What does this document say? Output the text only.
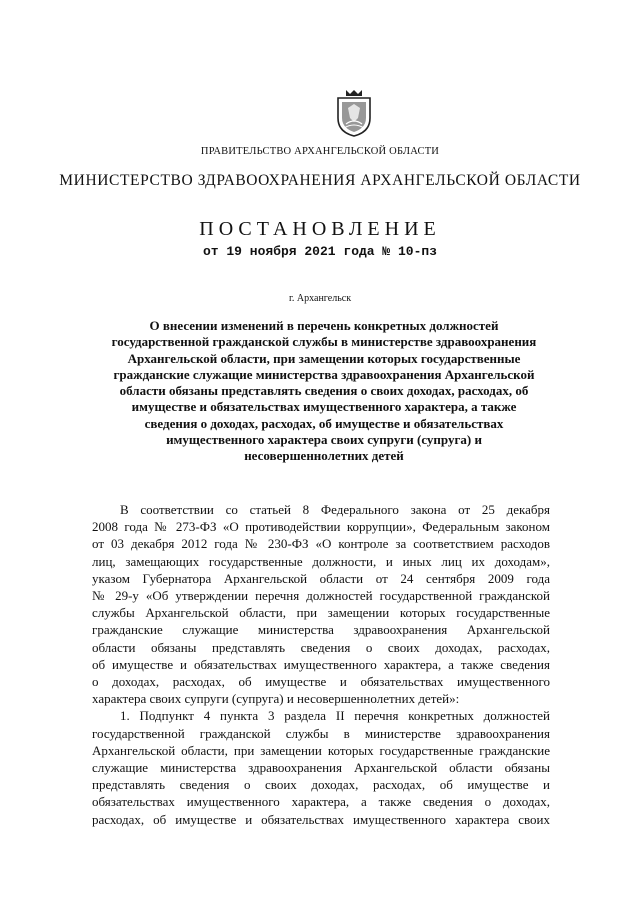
ПРАВИТЕЛЬСТВО АРХАНГЕЛЬСКОЙ ОБЛАСТИ
МИНИСТЕРСТВО ЗДРАВООХРАНЕНИЯ АРХАНГЕЛЬСКОЙ ОБЛАСТИ
ПОСТАНОВЛЕНИЕ
от 19 ноября 2021 года № 10-пз
г. Архангельск
О внесении изменений в перечень конкретных должностей
государственной гражданской службы в министерстве здравоохранения
Архангельской области, при замещении которых государственные
гражданские служащие министерства здравоохранения Архангельской
области обязаны представлять сведения о своих доходах, расходах, об
имуществе и обязательствах имущественного характера, а также
сведения о доходах, расходах, об имуществе и обязательствах
имущественного характера своих супруги (супруга) и
несовершеннолетних детей
В соответствии со статьей 8 Федерального закона от 25 декабря
2008 года № 273-ФЗ «О противодействии коррупции», Федеральным законом
от 03 декабря 2012 года № 230-ФЗ «О контроле за соответствием расходов
лиц, замещающих государственные должности, и иных лиц их доходам»,
указом Губернатора Архангельской области от 24 сентября 2009 года
№ 29-у «Об утверждении перечня должностей государственной гражданской
службы Архангельской области, при замещении которых государственные
гражданские служащие министерства здравоохранения Архангельской
области обязаны представлять сведения о своих доходах, расходах,
об имуществе и обязательствах имущественного характера, а также сведения
о доходах, расходах, об имуществе и обязательствах имущественного
характера своих супруги (супруга) и несовершеннолетних детей»:
1. Подпункт 4 пункта 3 раздела II перечня конкретных должностей
государственной гражданской службы в министерстве здравоохранения
Архангельской области, при замещении которых государственные гражданские
служащие министерства здравоохранения Архангельской области обязаны
представлять сведения о своих доходах, расходах, об имуществе и
обязательствах имущественного характера, а также сведения о доходах,
расходах, об имуществе и обязательствах имущественного характера своих
